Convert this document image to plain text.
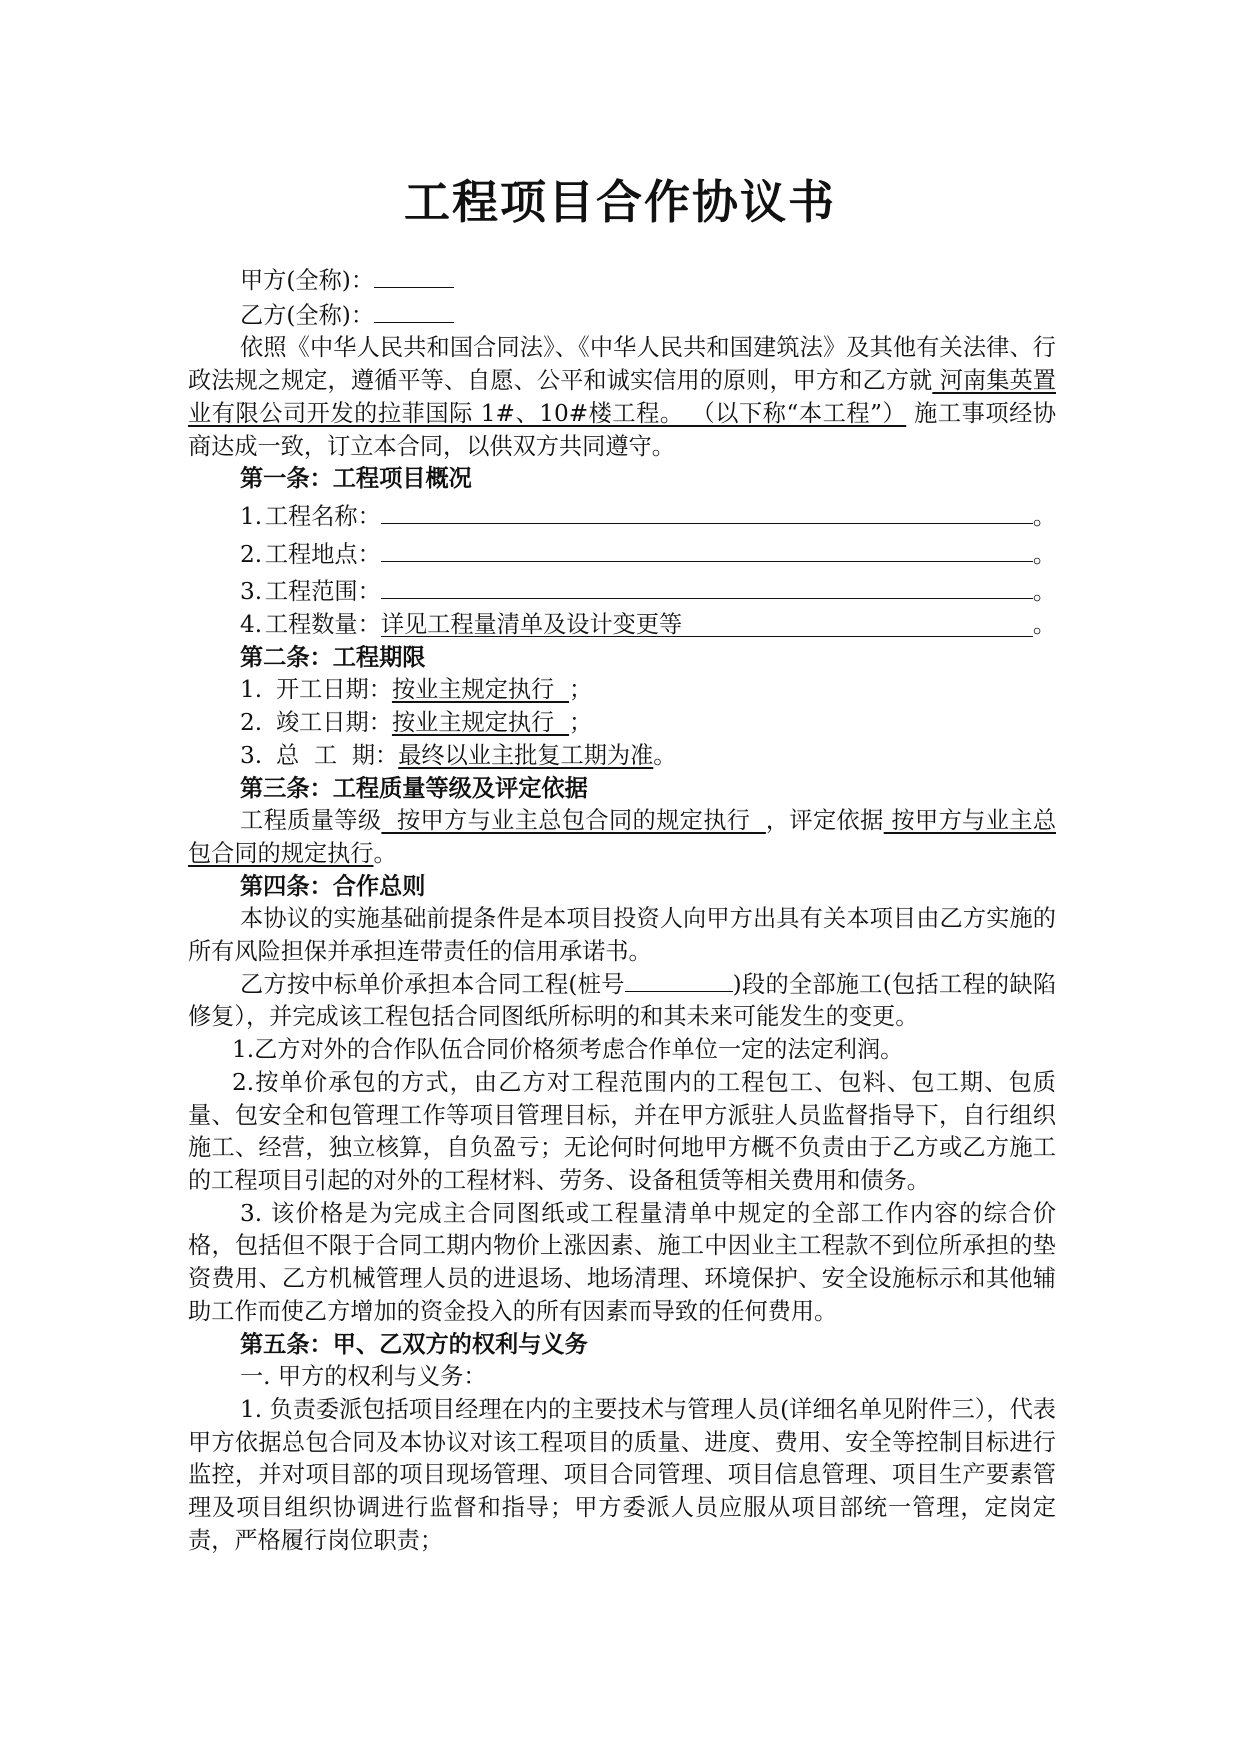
工程项目合作协议书

甲方(全称)：

乙方(全称)：

依照《中华人民共和国合同法》、《中华人民共和国建筑法》及其他有关法律、行政法规之规定，遵循平等、自愿、公平和诚实信用的原则，甲方和乙方就 河南集英置业有限公司开发的拉菲国际 1#、10#楼工程。 （以下称“本工程”） 施工事项经协商达成一致，订立本合同，以供双方共同遵守。

第一条：工程项目概况

1. 工程名称：	。
2. 工程地点：	。
3. 工程范围：	。
4. 工程数量： 详见工程量清单及设计变更等	。

第二条：工程期限

1. 开工日期： 按业主规定执行 ；
2. 竣工日期： 按业主规定执行 ；
3. 总  工  期： 最终以业主批复工期为准 。

第三条：工程质量等级及评定依据

工程质量等级  按甲方与业主总包合同的规定执行  ，评定依据 按甲方与业主总包合同的规定执行。

第四条：合作总则

本协议的实施基础前提条件是本项目投资人向甲方出具有关本项目由乙方实施的所有风险担保并承担连带责任的信用承诺书。

乙方按中标单价承担本合同工程(桩号	)段的全部施工(包括工程的缺陷修复），并完成该工程包括合同图纸所标明的和其未来可能发生的变更。

1.乙方对外的合作队伍合同价格须考虑合作单位一定的法定利润。

2.按单价承包的方式，由乙方对工程范围内的工程包工、包料、包工期、包质量、包安全和包管理工作等项目管理目标，并在甲方派驻人员监督指导下，自行组织施工、经营，独立核算，自负盈亏；无论何时何地甲方概不负责由于乙方或乙方施工的工程项目引起的对外的工程材料、劳务、设备租赁等相关费用和债务。

3. 该价格是为完成主合同图纸或工程量清单中规定的全部工作内容的综合价格，包括但不限于合同工期内物价上涨因素、施工中因业主工程款不到位所承担的垫资费用、乙方机械管理人员的进退场、地场清理、环境保护、安全设施标示和其他辅助工作而使乙方增加的资金投入的所有因素而导致的任何费用。

第五条：甲、乙双方的权利与义务

一. 甲方的权利与义务：

1. 负责委派包括项目经理在内的主要技术与管理人员(详细名单见附件三），代表甲方依据总包合同及本协议对该工程项目的质量、进度、费用、安全等控制目标进行监控，并对项目部的项目现场管理、项目合同管理、项目信息管理、项目生产要素管理及项目组织协调进行监督和指导；甲方委派人员应服从项目部统一管理，定岗定责，严格履行岗位职责；
